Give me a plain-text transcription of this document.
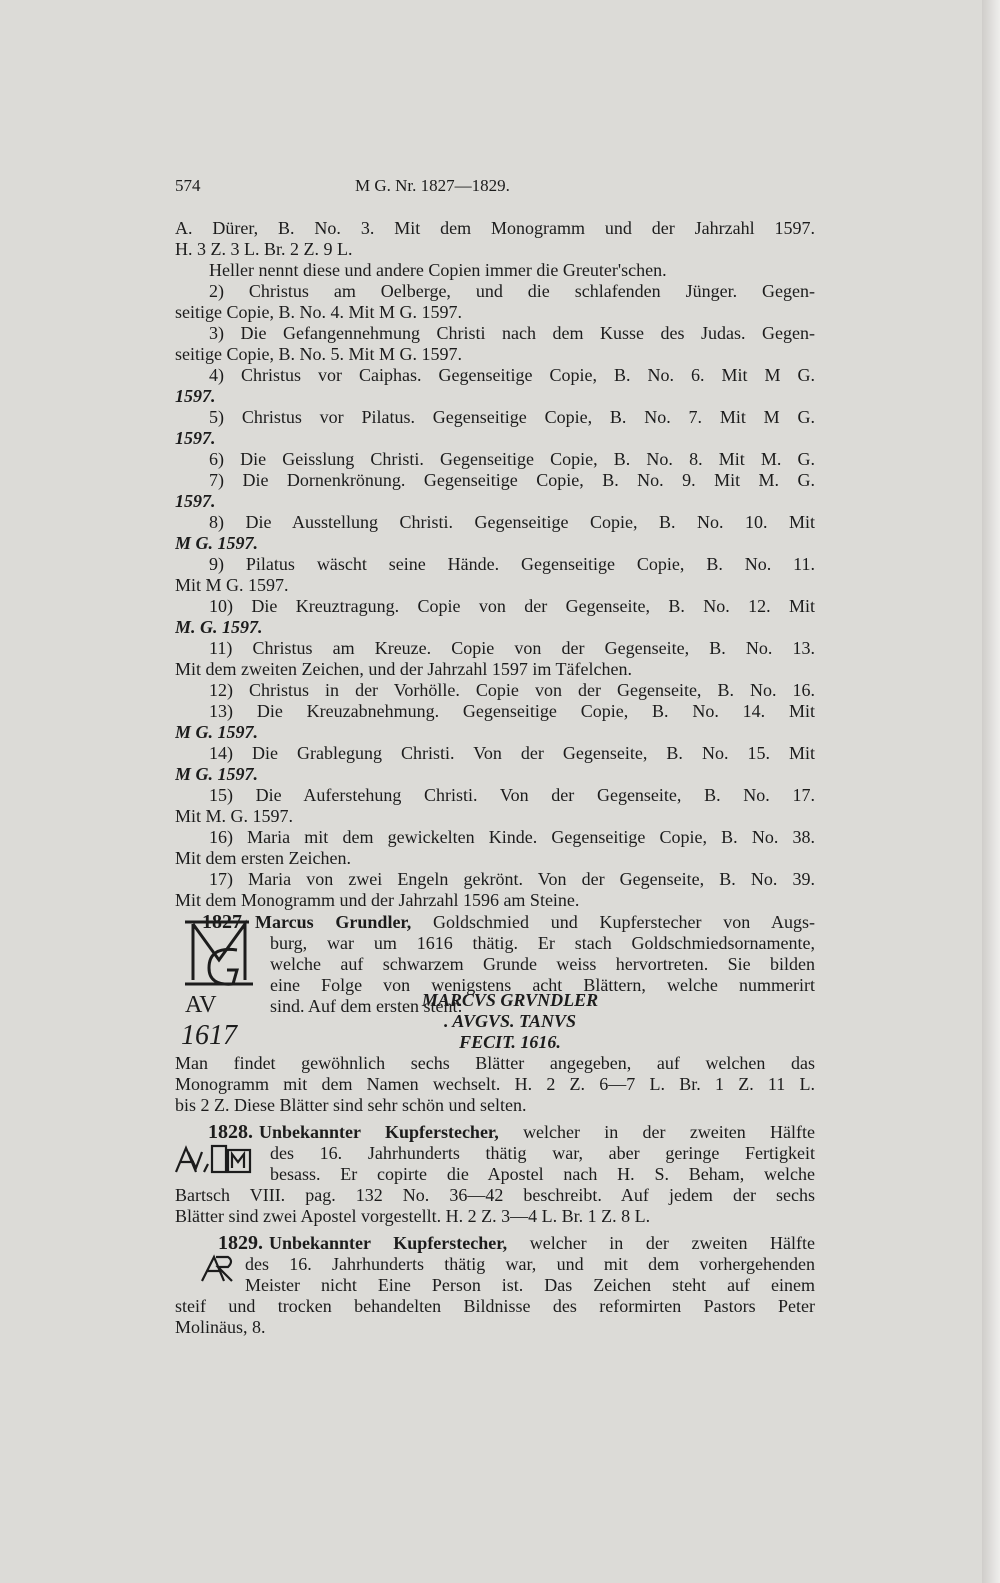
574	M G. Nr. 1827—1829.
A. Dürer, B. No. 3. Mit dem Monogramm und der Jahrzahl 1597.
H. 3 Z. 3 L. Br. 2 Z. 9 L.
Heller nennt diese und andere Copien immer die Greuter'schen.
2) Christus am Oelberge, und die schlafenden Jünger. Gegen-
seitige Copie, B. No. 4. Mit M G. 1597.
3) Die Gefangennehmung Christi nach dem Kusse des Judas. Gegen-
seitige Copie, B. No. 5. Mit M G. 1597.
4) Christus vor Caiphas. Gegenseitige Copie, B. No. 6. Mit M G.
1597.
5) Christus vor Pilatus. Gegenseitige Copie, B. No. 7. Mit M G.
1597.
6) Die Geisslung Christi. Gegenseitige Copie, B. No. 8. Mit M. G.
7) Die Dornenkrönung. Gegenseitige Copie, B. No. 9. Mit M. G.
1597.
8) Die Ausstellung Christi. Gegenseitige Copie, B. No. 10. Mit
M G. 1597.
9) Pilatus wäscht seine Hände. Gegenseitige Copie, B. No. 11.
Mit M G. 1597.
10) Die Kreuztragung. Copie von der Gegenseite, B. No. 12. Mit
M. G. 1597.
11) Christus am Kreuze. Copie von der Gegenseite, B. No. 13.
Mit dem zweiten Zeichen, und der Jahrzahl 1597 im Täfelchen.
12) Christus in der Vorhölle. Copie von der Gegenseite, B. No. 16.
13) Die Kreuzabnehmung. Gegenseitige Copie, B. No. 14. Mit
M G. 1597.
14) Die Grablegung Christi. Von der Gegenseite, B. No. 15. Mit
M G. 1597.
15) Die Auferstehung Christi. Von der Gegenseite, B. No. 17.
Mit M. G. 1597.
16) Maria mit dem gewickelten Kinde. Gegenseitige Copie, B. No. 38.
Mit dem ersten Zeichen.
17) Maria von zwei Engeln gekrönt. Von der Gegenseite, B. No. 39.
Mit dem Monogramm und der Jahrzahl 1596 am Steine.
1827. Marcus Grundler, Goldschmied und Kupferstecher von Augs-
burg, war um 1616 thätig. Er stach Goldschmiedsornamente,
welche auf schwarzem Grunde weiss hervortreten. Sie bilden
eine Folge von wenigstens acht Blättern, welche nummerirt
sind. Auf dem ersten steht:
AV
1617
MARCVS GRVNDLER
. AVGVS. TANVS
FECIT. 1616.
Man findet gewöhnlich sechs Blätter angegeben, auf welchen das
Monogramm mit dem Namen wechselt. H. 2 Z. 6—7 L. Br. 1 Z. 11 L.
bis 2 Z. Diese Blätter sind sehr schön und selten.
1828. Unbekannter Kupferstecher, welcher in der zweiten Hälfte
des 16. Jahrhunderts thätig war, aber geringe Fertigkeit
besass. Er copirte die Apostel nach H. S. Beham, welche
Bartsch VIII. pag. 132 No. 36—42 beschreibt. Auf jedem der sechs
Blätter sind zwei Apostel vorgestellt. H. 2 Z. 3—4 L. Br. 1 Z. 8 L.
1829. Unbekannter Kupferstecher, welcher in der zweiten Hälfte
des 16. Jahrhunderts thätig war, und mit dem vorhergehenden
Meister nicht Eine Person ist. Das Zeichen steht auf einem
steif und trocken behandelten Bildnisse des reformirten Pastors Peter
Molinäus, 8.
